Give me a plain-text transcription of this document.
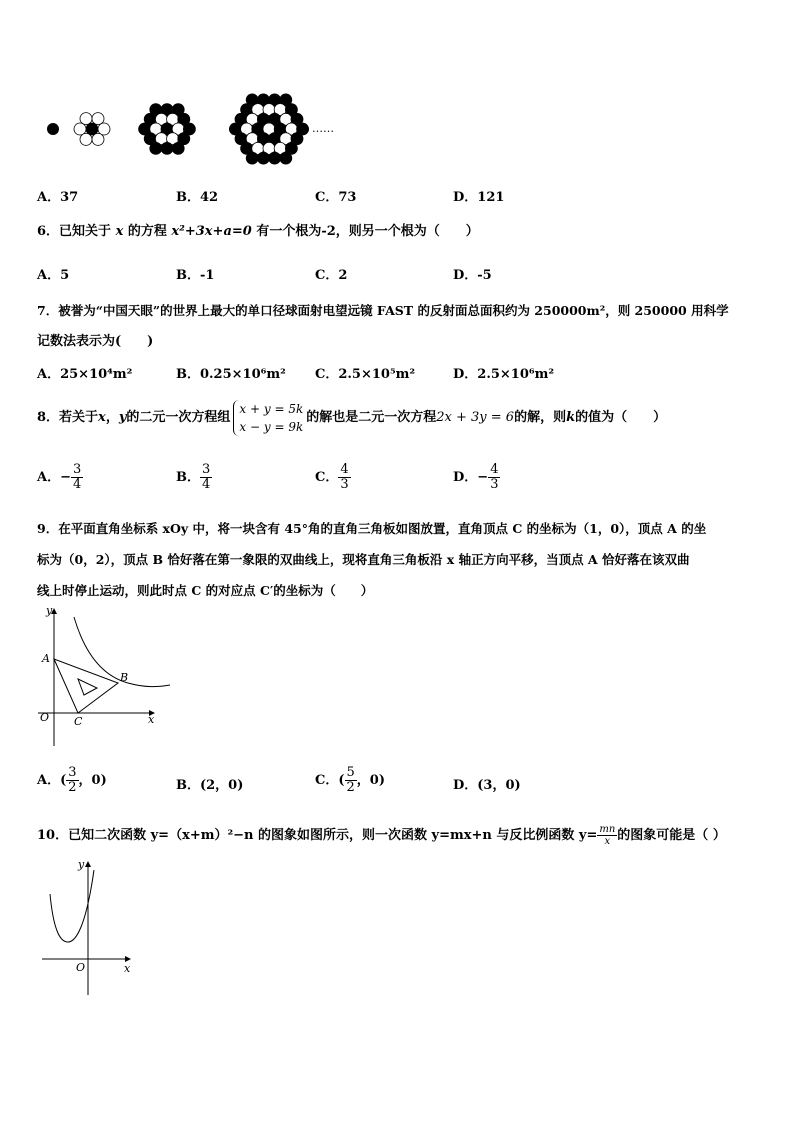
……
A．37	B．42	C．73	D．121
6．已知关于 x 的方程 x²+3x+a=0 有一个根为-2，则另一个根为（　　）
A．5	B．-1	C．2	D．-5
7．被誉为“中国天眼”的世界上最大的单口径球面射电望远镜 FAST 的反射面总面积约为 250000m²，则 250000 用科学
记数法表示为(　　)
A．25×10⁴m²	B．0.25×10⁶m² C．2.5×10⁵m²	D．2.5×10⁶m²
8．若关于x，y的二元一次方程组
x + y = 5k
x − y = 9k
的解也是二元一次方程2x + 3y = 6的解，则k的值为（　　）
A．− $\frac{3}{4}$	B． $\frac{3}{4}$	C． $\frac{4}{3}$	D．− $\frac{4}{3}$
9．在平面直角坐标系 xOy 中，将一块含有 45°角的直角三角板如图放置，直角顶点 C 的坐标为（1，0），顶点 A 的坐
标为（0，2），顶点 B 恰好落在第一象限的双曲线上，现将直角三角板沿 x 轴正方向平移，当顶点 A 恰好落在该双曲
线上时停止运动，则此时点 C 的对应点 C′的坐标为（　　）
y
A
B
O C	x
A．( $\frac{3}{2}$ ，0)	B．(2，0)	C．( $\frac{5}{2}$ ，0)	D．(3，0)
10．已知二次函数 y=（x+m）²−n 的图象如图所示，则一次函数 y=mx+n 与反比例函数 $y= \frac{mn}{x}$ 的图象可能是（ ）
y
O	x
